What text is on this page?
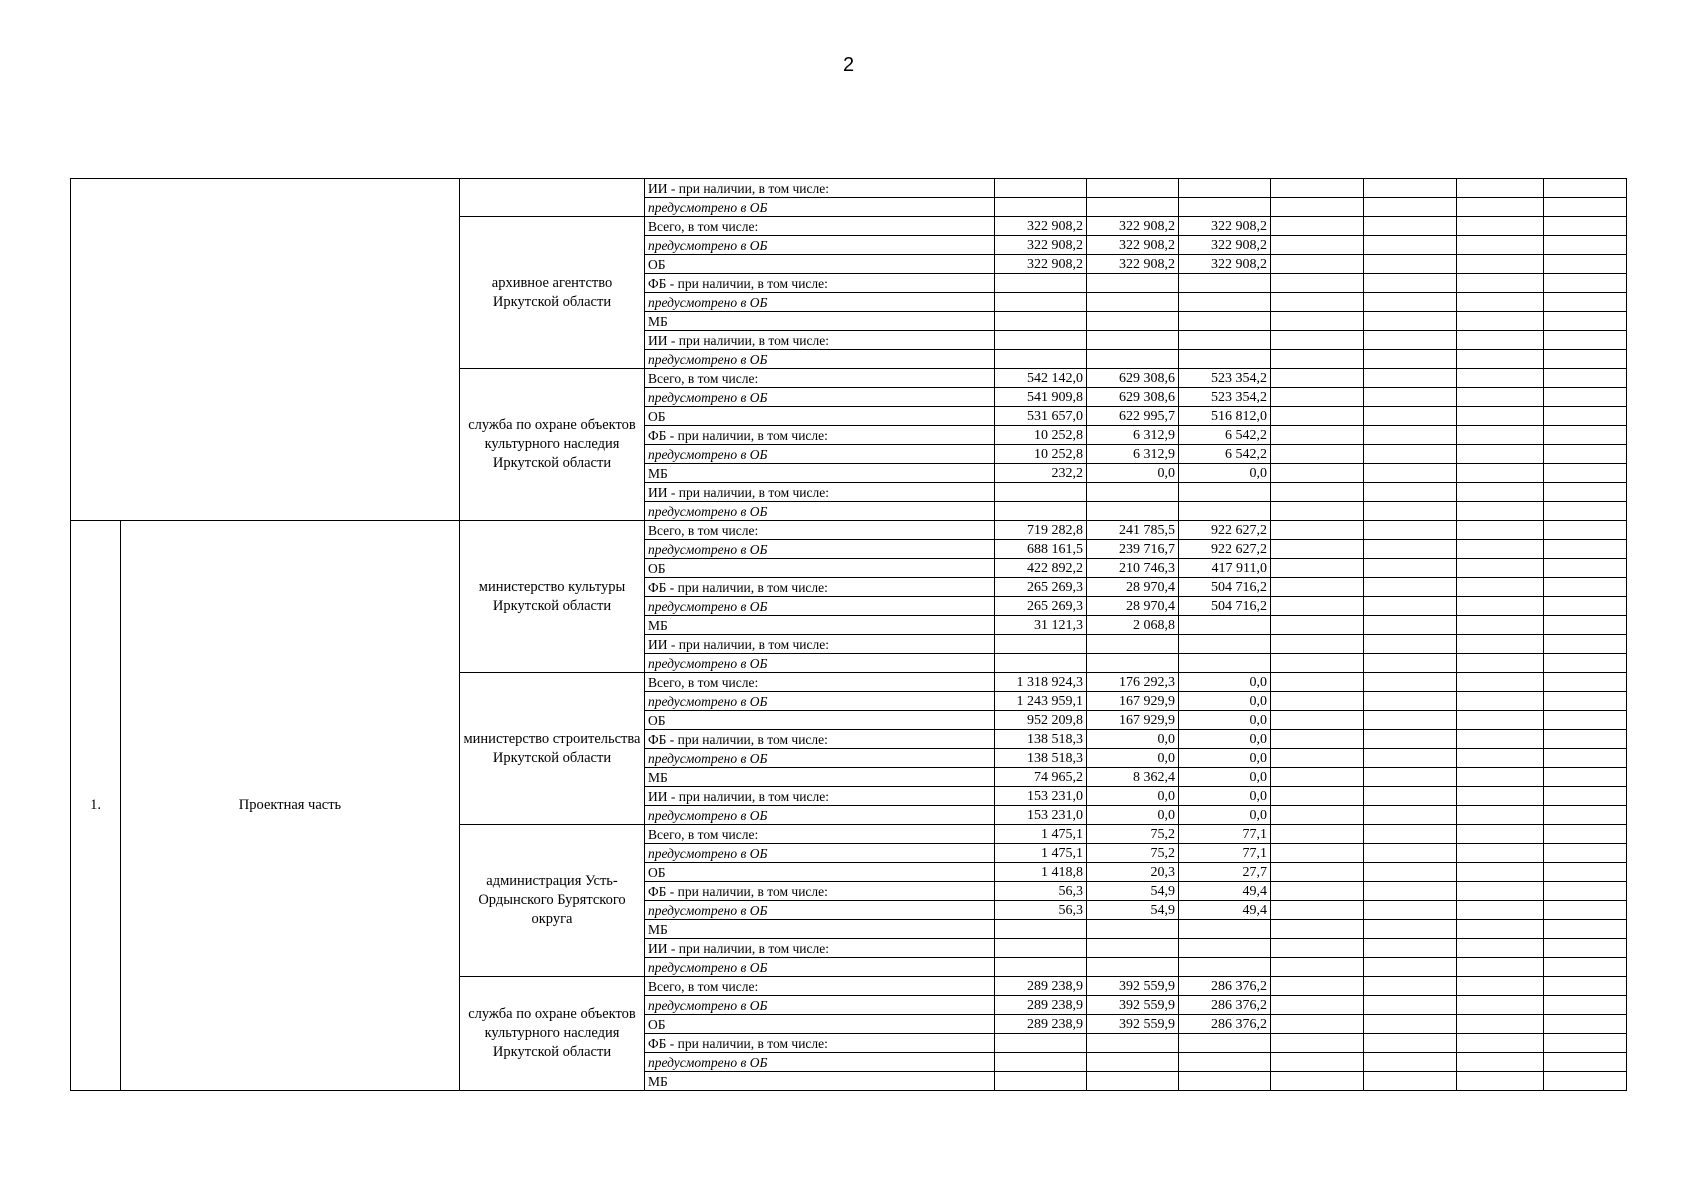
2
			ИИ - при наличии, в том числе:							
			предусмотрено в ОБ							
		архивное агентство Иркутской области	Всего, в том числе:	322 908,2	322 908,2	322 908,2				
			предусмотрено в ОБ	322 908,2	322 908,2	322 908,2				
			ОБ	322 908,2	322 908,2	322 908,2				
			ФБ - при наличии, в том числе:							
			предусмотрено в ОБ							
			МБ							
			ИИ - при наличии, в том числе:							
			предусмотрено в ОБ							
		служба по охране объектов культурного наследия Иркутской области	Всего, в том числе:	542 142,0	629 308,6	523 354,2				
			предусмотрено в ОБ	541 909,8	629 308,6	523 354,2				
			ОБ	531 657,0	622 995,7	516 812,0				
			ФБ - при наличии, в том числе:	10 252,8	6 312,9	6 542,2				
			предусмотрено в ОБ	10 252,8	6 312,9	6 542,2				
			МБ	232,2	0,0	0,0				
			ИИ - при наличии, в том числе:							
			предусмотрено в ОБ							
1.	Проектная часть	министерство культуры Иркутской области	Всего, в том числе:	719 282,8	241 785,5	922 627,2				
			предусмотрено в ОБ	688 161,5	239 716,7	922 627,2				
			ОБ	422 892,2	210 746,3	417 911,0				
			ФБ - при наличии, в том числе:	265 269,3	28 970,4	504 716,2				
			предусмотрено в ОБ	265 269,3	28 970,4	504 716,2				
			МБ	31 121,3	2 068,8					
			ИИ - при наличии, в том числе:							
			предусмотрено в ОБ							
		министерство строительства Иркутской области	Всего, в том числе:	1 318 924,3	176 292,3	0,0				
			предусмотрено в ОБ	1 243 959,1	167 929,9	0,0				
			ОБ	952 209,8	167 929,9	0,0				
			ФБ - при наличии, в том числе:	138 518,3	0,0	0,0				
			предусмотрено в ОБ	138 518,3	0,0	0,0				
			МБ	74 965,2	8 362,4	0,0				
			ИИ - при наличии, в том числе:	153 231,0	0,0	0,0				
			предусмотрено в ОБ	153 231,0	0,0	0,0				
		администрация Усть-Ордынского Бурятского округа	Всего, в том числе:	1 475,1	75,2	77,1				
			предусмотрено в ОБ	1 475,1	75,2	77,1				
			ОБ	1 418,8	20,3	27,7				
			ФБ - при наличии, в том числе:	56,3	54,9	49,4				
			предусмотрено в ОБ	56,3	54,9	49,4				
			МБ							
			ИИ - при наличии, в том числе:							
			предусмотрено в ОБ							
		служба по охране объектов культурного наследия Иркутской области	Всего, в том числе:	289 238,9	392 559,9	286 376,2				
			предусмотрено в ОБ	289 238,9	392 559,9	286 376,2				
			ОБ	289 238,9	392 559,9	286 376,2				
			ФБ - при наличии, в том числе:							
			предусмотрено в ОБ							
			МБ							
